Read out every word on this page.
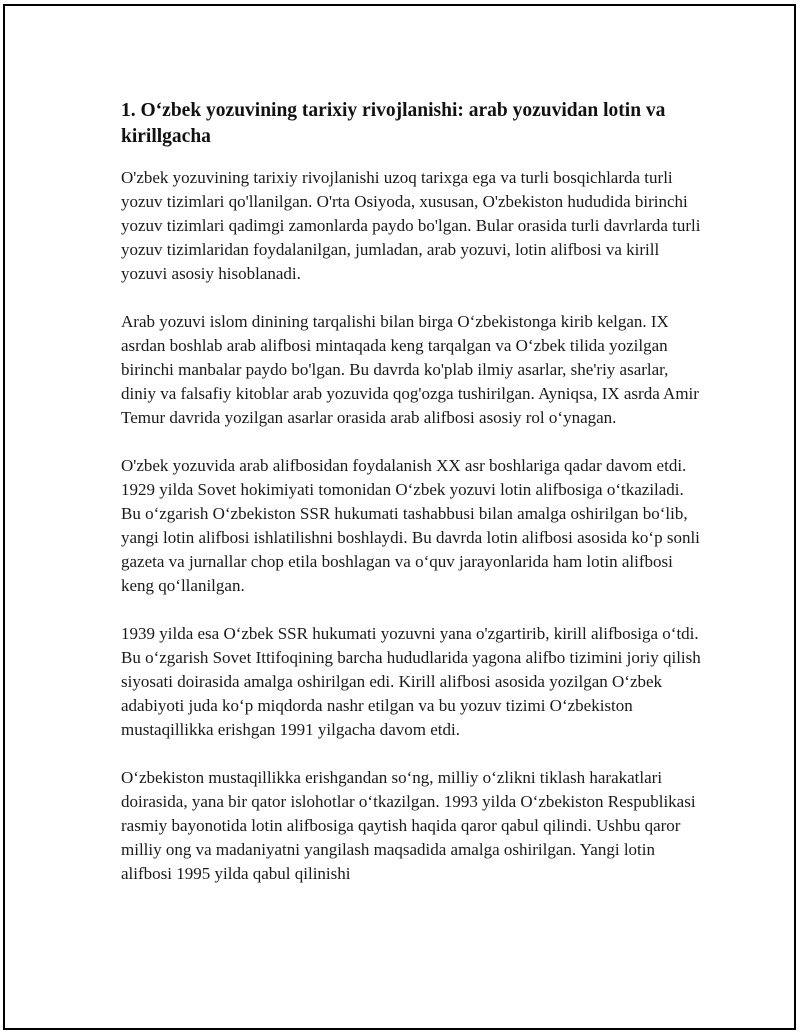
1. O‘zbek yozuvining tarixiy rivojlanishi: arab yozuvidan lotin va kirillgacha

O'zbek yozuvining tarixiy rivojlanishi uzoq tarixga ega va turli bosqichlarda turli yozuv tizimlari qo'llanilgan. O'rta Osiyoda, xususan, O'zbekiston hududida birinchi yozuv tizimlari qadimgi zamonlarda paydo bo'lgan. Bular orasida turli davrlarda turli yozuv tizimlaridan foydalanilgan, jumladan, arab yozuvi, lotin alifbosi va kirill yozuvi asosiy hisoblanadi.

Arab yozuvi islom dinining tarqalishi bilan birga O‘zbekistonga kirib kelgan. IX asrdan boshlab arab alifbosi mintaqada keng tarqalgan va O‘zbek tilida yozilgan birinchi manbalar paydo bo'lgan. Bu davrda ko'plab ilmiy asarlar, she'riy asarlar, diniy va falsafiy kitoblar arab yozuvida qog'ozga tushirilgan. Ayniqsa, IX asrda Amir Temur davrida yozilgan asarlar orasida arab alifbosi asosiy rol o‘ynagan.

O'zbek yozuvida arab alifbosidan foydalanish XX asr boshlariga qadar davom etdi. 1929 yilda Sovet hokimiyati tomonidan O‘zbek yozuvi lotin alifbosiga o‘tkaziladi. Bu o‘zgarish O‘zbekiston SSR hukumati tashabbusi bilan amalga oshirilgan bo‘lib, yangi lotin alifbosi ishlatilishni boshlaydi. Bu davrda lotin alifbosi asosida ko‘p sonli gazeta va jurnallar chop etila boshlagan va o‘quv jarayonlarida ham lotin alifbosi keng qo‘llanilgan.

1939 yilda esa O‘zbek SSR hukumati yozuvni yana o'zgartirib, kirill alifbosiga o‘tdi. Bu o‘zgarish Sovet Ittifoqining barcha hududlarida yagona alifbo tizimini joriy qilish siyosati doirasida amalga oshirilgan edi. Kirill alifbosi asosida yozilgan O‘zbek adabiyoti juda ko‘p miqdorda nashr etilgan va bu yozuv tizimi O‘zbekiston mustaqillikka erishgan 1991 yilgacha davom etdi.

O‘zbekiston mustaqillikka erishgandan so‘ng, milliy o‘zlikni tiklash harakatlari doirasida, yana bir qator islohotlar o‘tkazilgan. 1993 yilda O‘zbekiston Respublikasi rasmiy bayonotida lotin alifbosiga qaytish haqida qaror qabul qilindi. Ushbu qaror milliy ong va madaniyatni yangilash maqsadida amalga oshirilgan. Yangi lotin alifbosi 1995 yilda qabul qilinishi
